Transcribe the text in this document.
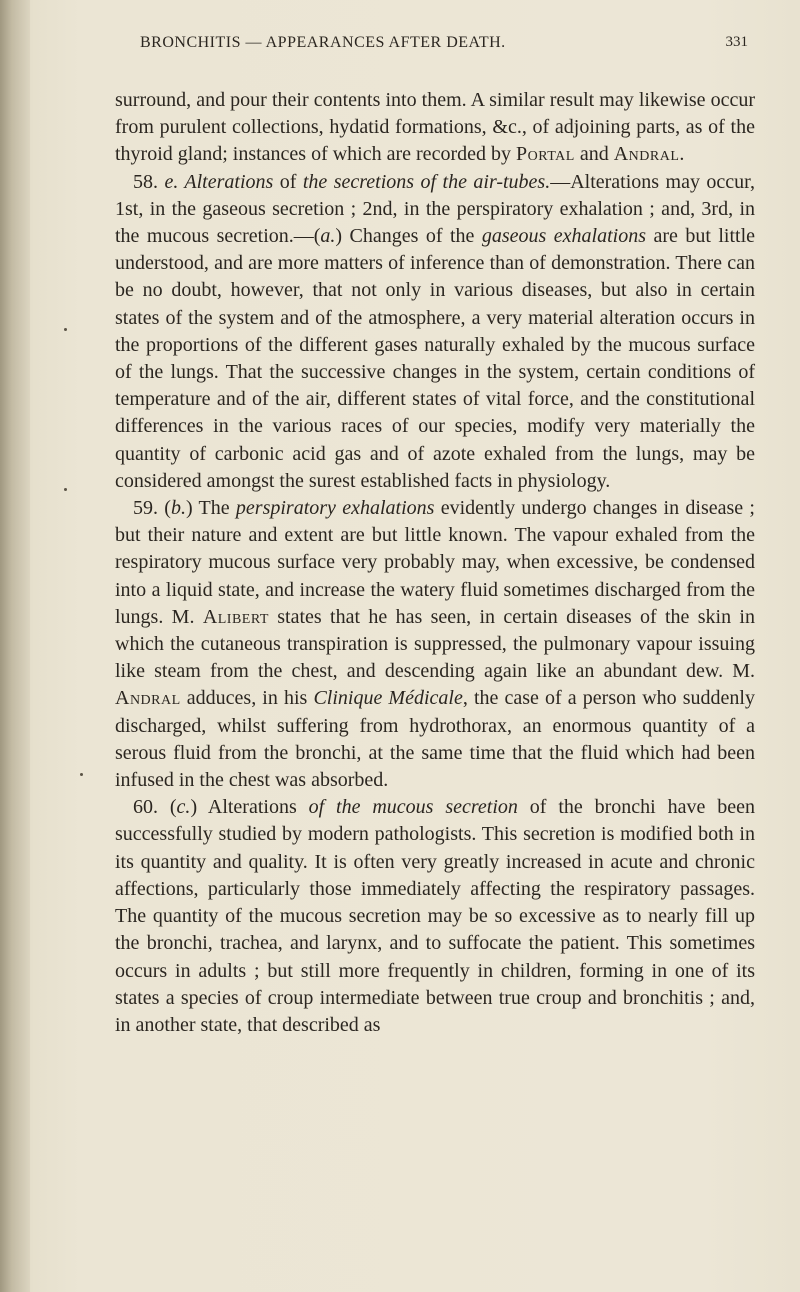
BRONCHITIS — APPEARANCES AFTER DEATH.	331

surround, and pour their contents into them. A similar result may likewise occur from purulent collections, hydatid formations, &c., of adjoining parts, as of the thyroid gland; instances of which are recorded by Portal and Andral.

58. e. Alterations of the secretions of the air-tubes.—Alterations may occur, 1st, in the gaseous secretion ; 2nd, in the perspiratory exhalation ; and, 3rd, in the mucous secretion.—(a.) Changes of the gaseous exhalations are but little understood, and are more matters of inference than of demonstration. There can be no doubt, however, that not only in various diseases, but also in certain states of the system and of the atmosphere, a very material alteration occurs in the proportions of the different gases naturally exhaled by the mucous surface of the lungs. That the successive changes in the system, certain conditions of temperature and of the air, different states of vital force, and the constitutional differences in the various races of our species, modify very materially the quantity of carbonic acid gas and of azote exhaled from the lungs, may be considered amongst the surest established facts in physiology.

59. (b.) The perspiratory exhalations evidently undergo changes in disease ; but their nature and extent are but little known. The vapour exhaled from the respiratory mucous surface very probably may, when excessive, be condensed into a liquid state, and increase the watery fluid sometimes discharged from the lungs. M. Alibert states that he has seen, in certain diseases of the skin in which the cutaneous transpiration is suppressed, the pulmonary vapour issuing like steam from the chest, and descending again like an abundant dew. M. Andral adduces, in his Clinique Médicale, the case of a person who suddenly discharged, whilst suffering from hydrothorax, an enormous quantity of a serous fluid from the bronchi, at the same time that the fluid which had been infused in the chest was absorbed.

60. (c.) Alterations of the mucous secretion of the bronchi have been successfully studied by modern pathologists. This secretion is modified both in its quantity and quality. It is often very greatly increased in acute and chronic affections, particularly those immediately affecting the respiratory passages. The quantity of the mucous secretion may be so excessive as to nearly fill up the bronchi, trachea, and larynx, and to suffocate the patient. This sometimes occurs in adults ; but still more frequently in children, forming in one of its states a species of croup intermediate between true croup and bronchitis ; and, in another state, that described as
